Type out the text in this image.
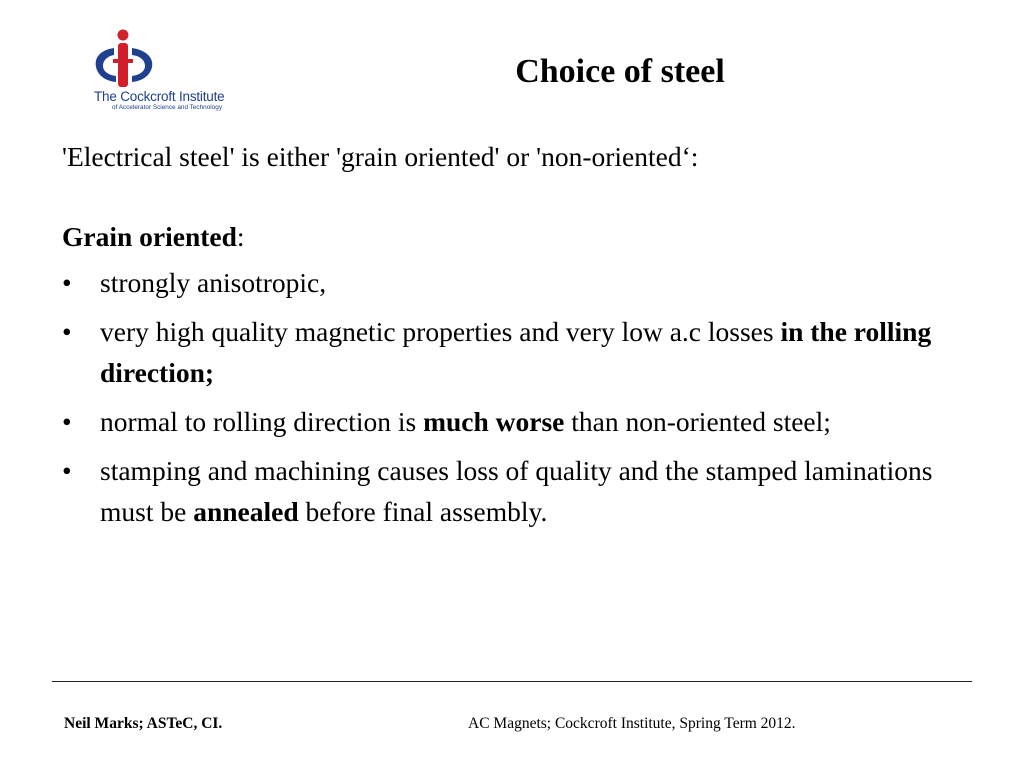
The Cockcroft Institute
of Accelerator Science and Technology
Choice of steel

'Electrical steel' is either 'grain oriented' or 'non-oriented‘:

Grain oriented:

• strongly anisotropic,
• very high quality magnetic properties and very low a.c losses in the rolling direction;
• normal to rolling direction is much worse than non-oriented steel;
• stamping and machining causes loss of quality and the stamped laminations must be annealed before final assembly.
Neil Marks; ASTeC, CI.	AC Magnets; Cockcroft Institute, Spring Term 2012.
